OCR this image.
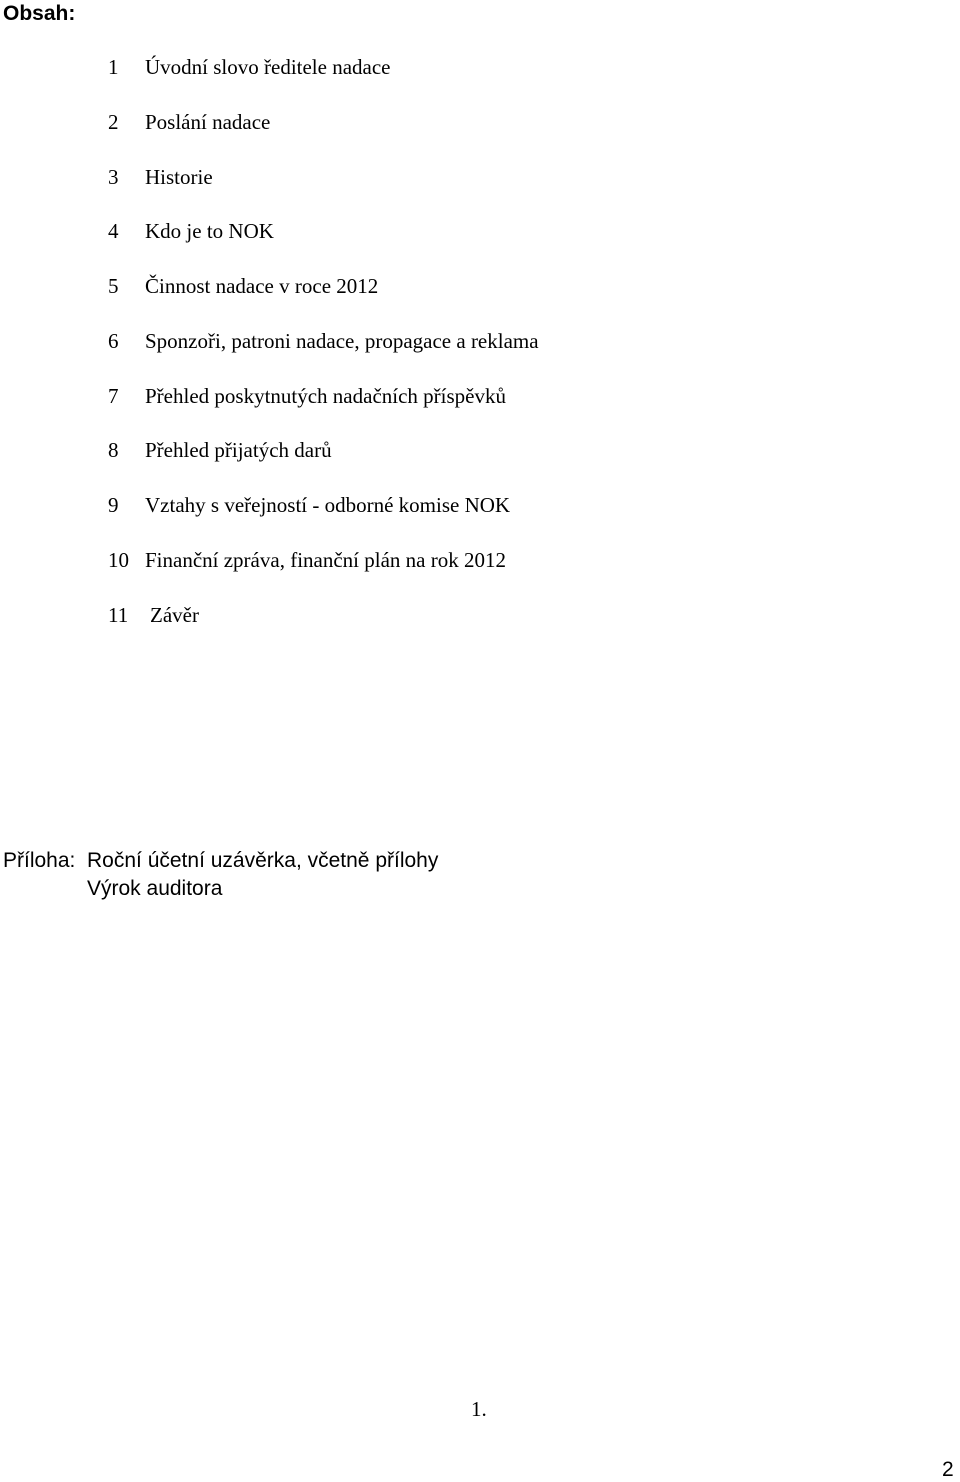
Obsah:
1 Úvodní slovo ředitele nadace
2 Poslání nadace
3 Historie
4 Kdo je to NOK
5 Činnost nadace v roce 2012
6 Sponzoři, patroni nadace, propagace a reklama
7 Přehled poskytnutých nadačních příspěvků
8 Přehled přijatých darů
9 Vztahy s veřejností - odborné komise NOK
10 Finanční zpráva, finanční plán na rok 2012
11 Závěr
Příloha: Roční účetní uzávěrka, včetně přílohy
Výrok auditora
1.
2
